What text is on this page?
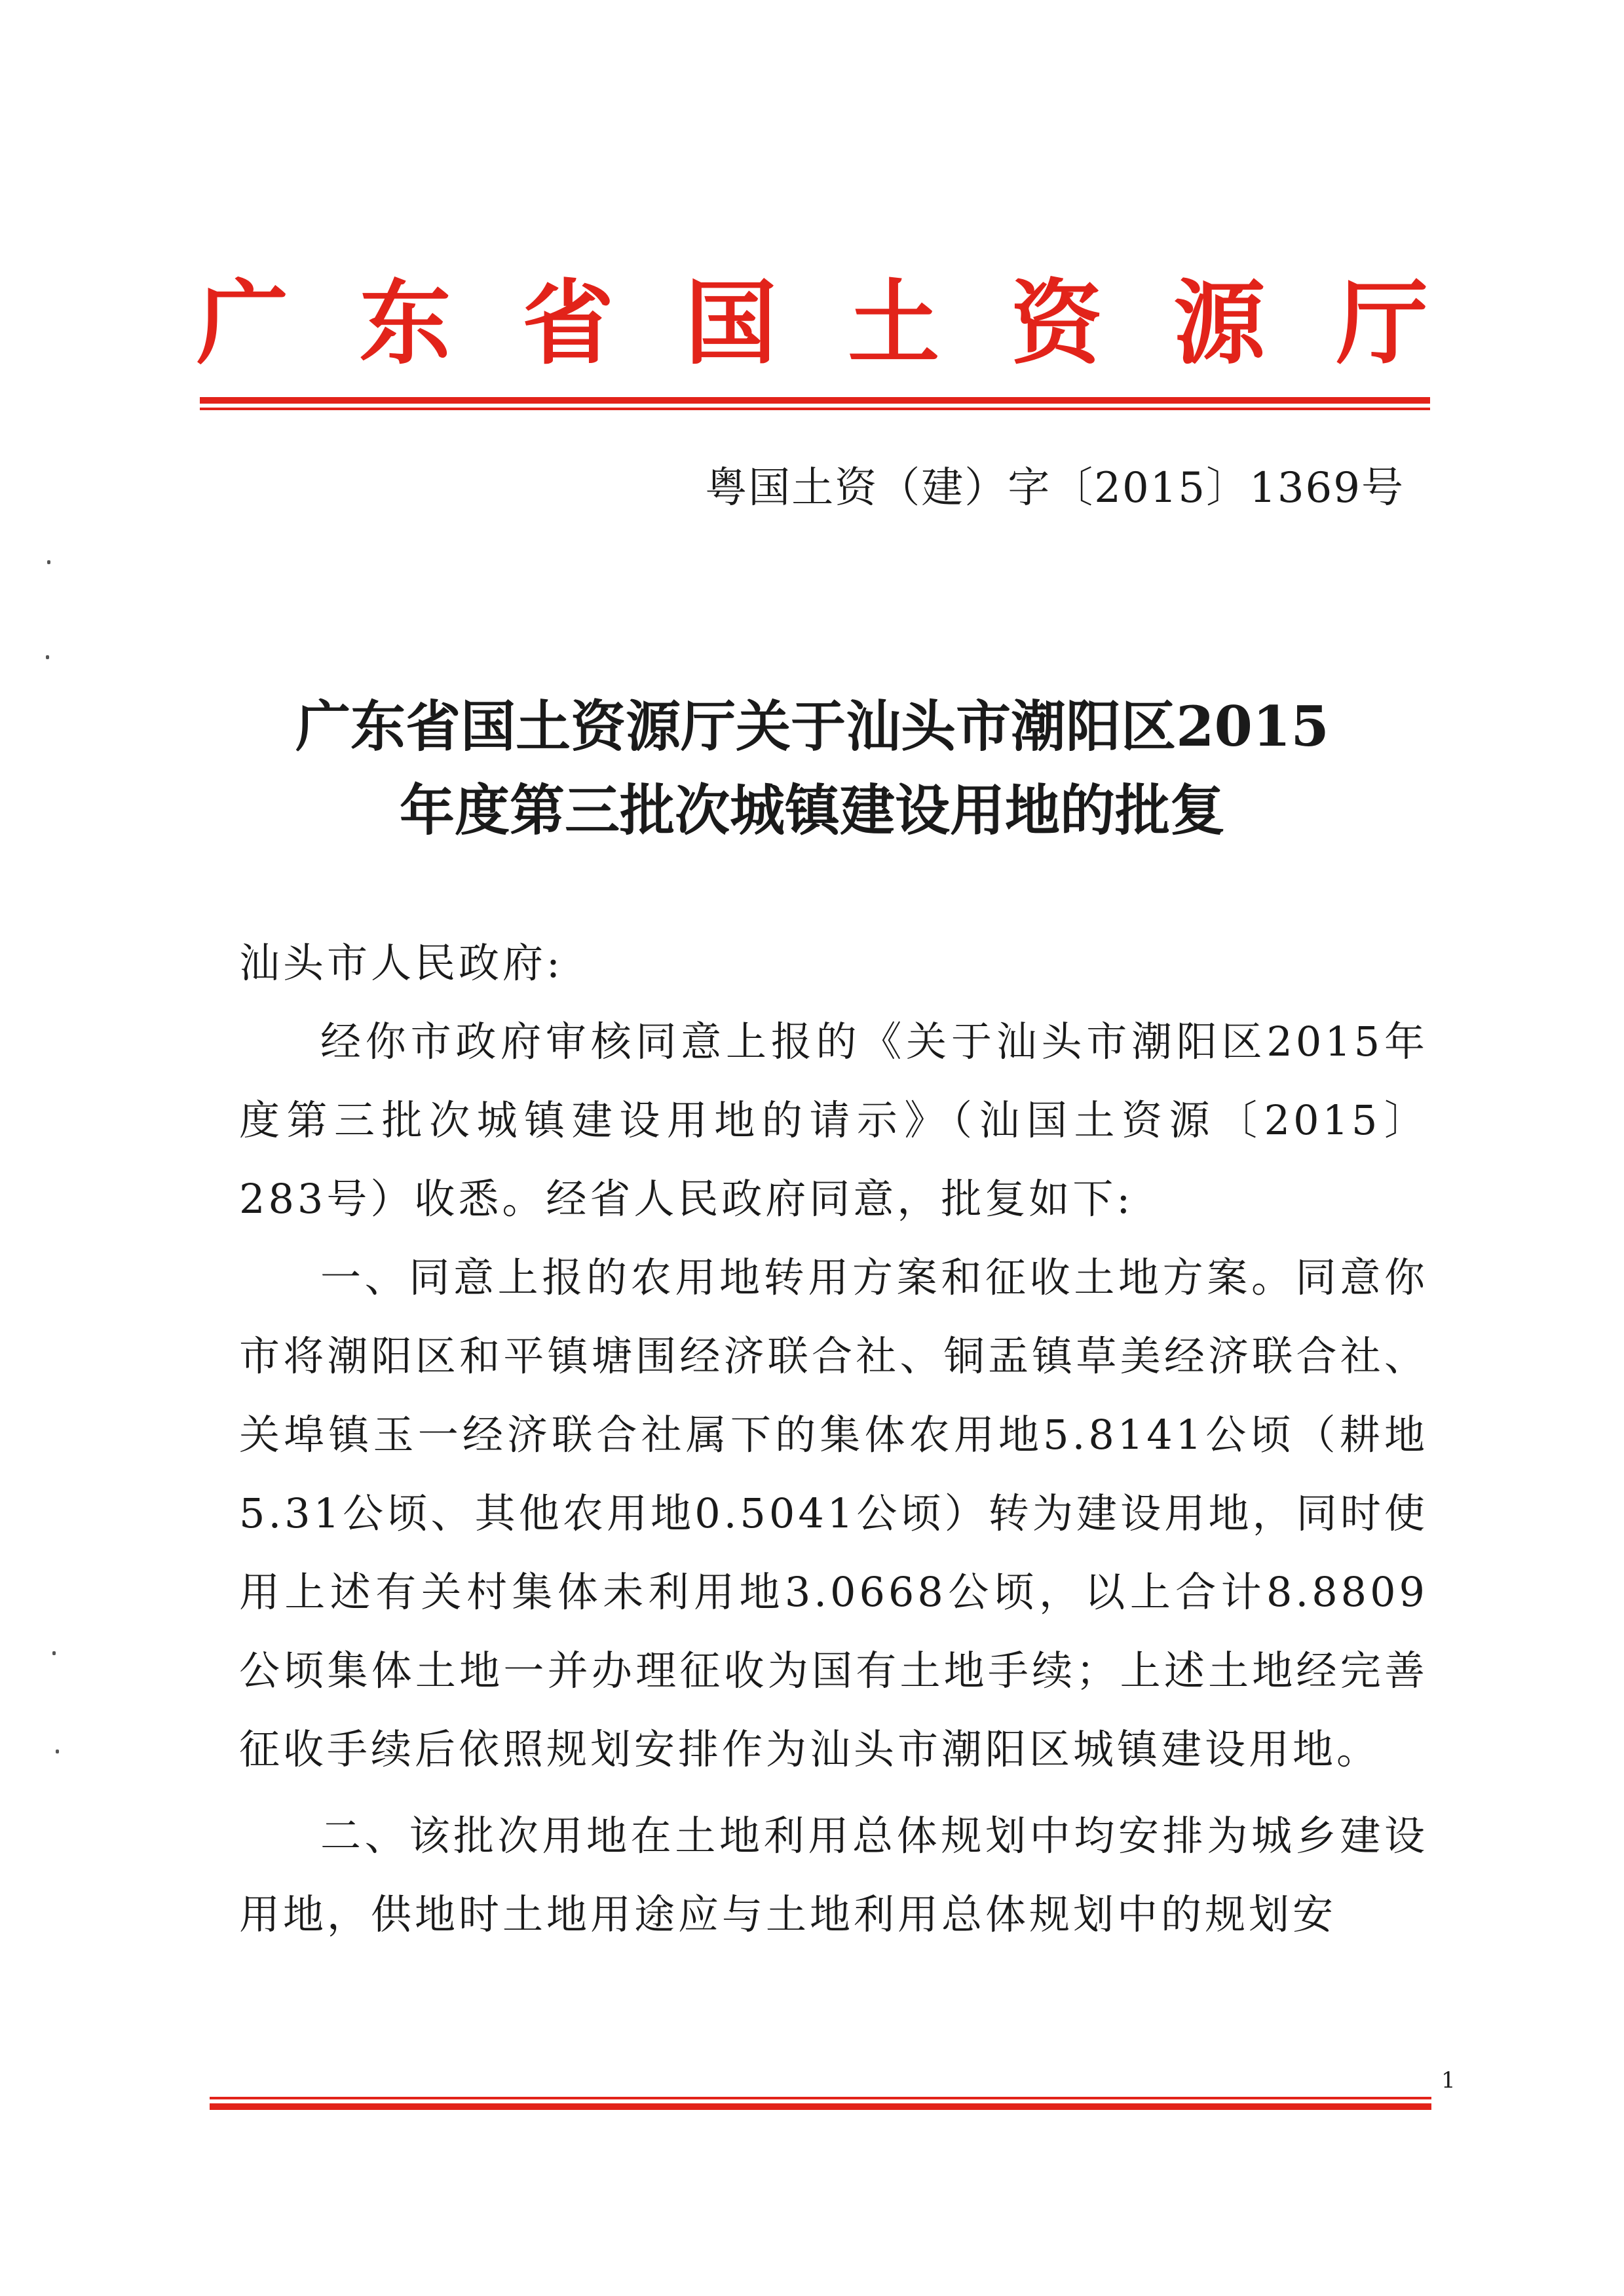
广 东 省 国 土 资 源 厅
粤国土资（建）字〔2015〕1369号
广东省国土资源厅关于汕头市潮阳区2015
年度第三批次城镇建设用地的批复

汕头市人民政府:

经你市政府审核同意上报的《关于汕头市潮阳区2015年度第三批次城镇建设用地的请示》（汕国土资源〔2015〕283号）收悉。经省人民政府同意，批复如下:

一、同意上报的农用地转用方案和征收土地方案。同意你市将潮阳区和平镇塘围经济联合社、铜盂镇草美经济联合社、关埠镇玉一经济联合社属下的集体农用地5.8141公顷（耕地5.31公顷、其他农用地0.5041公顷）转为建设用地，同时使用上述有关村集体未利用地3.0668公顷，以上合计8.8809公顷集体土地一并办理征收为国有土地手续；上述土地经完善征收手续后依照规划安排作为汕头市潮阳区城镇建设用地。

二、该批次用地在土地利用总体规划中均安排为城乡建设用地，供地时土地用途应与土地利用总体规划中的规划安

1
